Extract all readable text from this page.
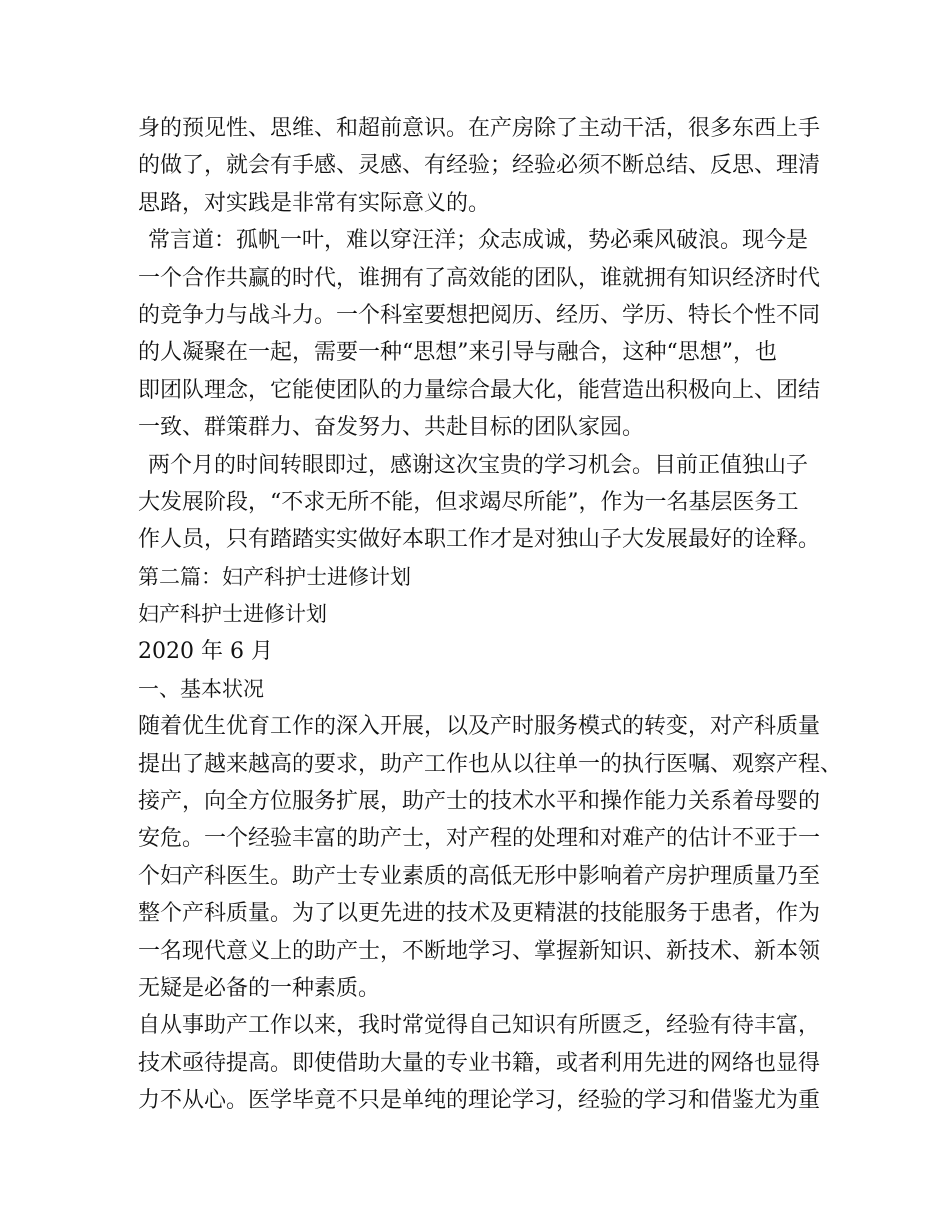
身的预见性、思维、和超前意识。在产房除了主动干活，很多东西上手
的做了，就会有手感、灵感、有经验；经验必须不断总结、反思、理清
思路，对实践是非常有实际意义的。
常言道：孤帆一叶，难以穿汪洋；众志成诚，势必乘风破浪。现今是
一个合作共赢的时代，谁拥有了高效能的团队，谁就拥有知识经济时代
的竞争力与战斗力。一个科室要想把阅历、经历、学历、特长个性不同
的人凝聚在一起，需要一种“思想”来引导与融合，这种“思想”，也
即团队理念，它能使团队的力量综合最大化，能营造出积极向上、团结
一致、群策群力、奋发努力、共赴目标的团队家园。
两个月的时间转眼即过，感谢这次宝贵的学习机会。目前正值独山子
大发展阶段，“不求无所不能，但求竭尽所能”，作为一名基层医务工
作人员，只有踏踏实实做好本职工作才是对独山子大发展最好的诠释。
第二篇：妇产科护士进修计划
妇产科护士进修计划
2020 年 6 月
一、基本状况
随着优生优育工作的深入开展，以及产时服务模式的转变，对产科质量
提出了越来越高的要求，助产工作也从以往单一的执行医嘱、观察产程、
接产，向全方位服务扩展，助产士的技术水平和操作能力关系着母婴的
安危。一个经验丰富的助产士，对产程的处理和对难产的估计不亚于一
个妇产科医生。助产士专业素质的高低无形中影响着产房护理质量乃至
整个产科质量。为了以更先进的技术及更精湛的技能服务于患者，作为
一名现代意义上的助产士，不断地学习、掌握新知识、新技术、新本领
无疑是必备的一种素质。
自从事助产工作以来，我时常觉得自己知识有所匮乏，经验有待丰富，
技术亟待提高。即使借助大量的专业书籍，或者利用先进的网络也显得
力不从心。医学毕竟不只是单纯的理论学习，经验的学习和借鉴尤为重
